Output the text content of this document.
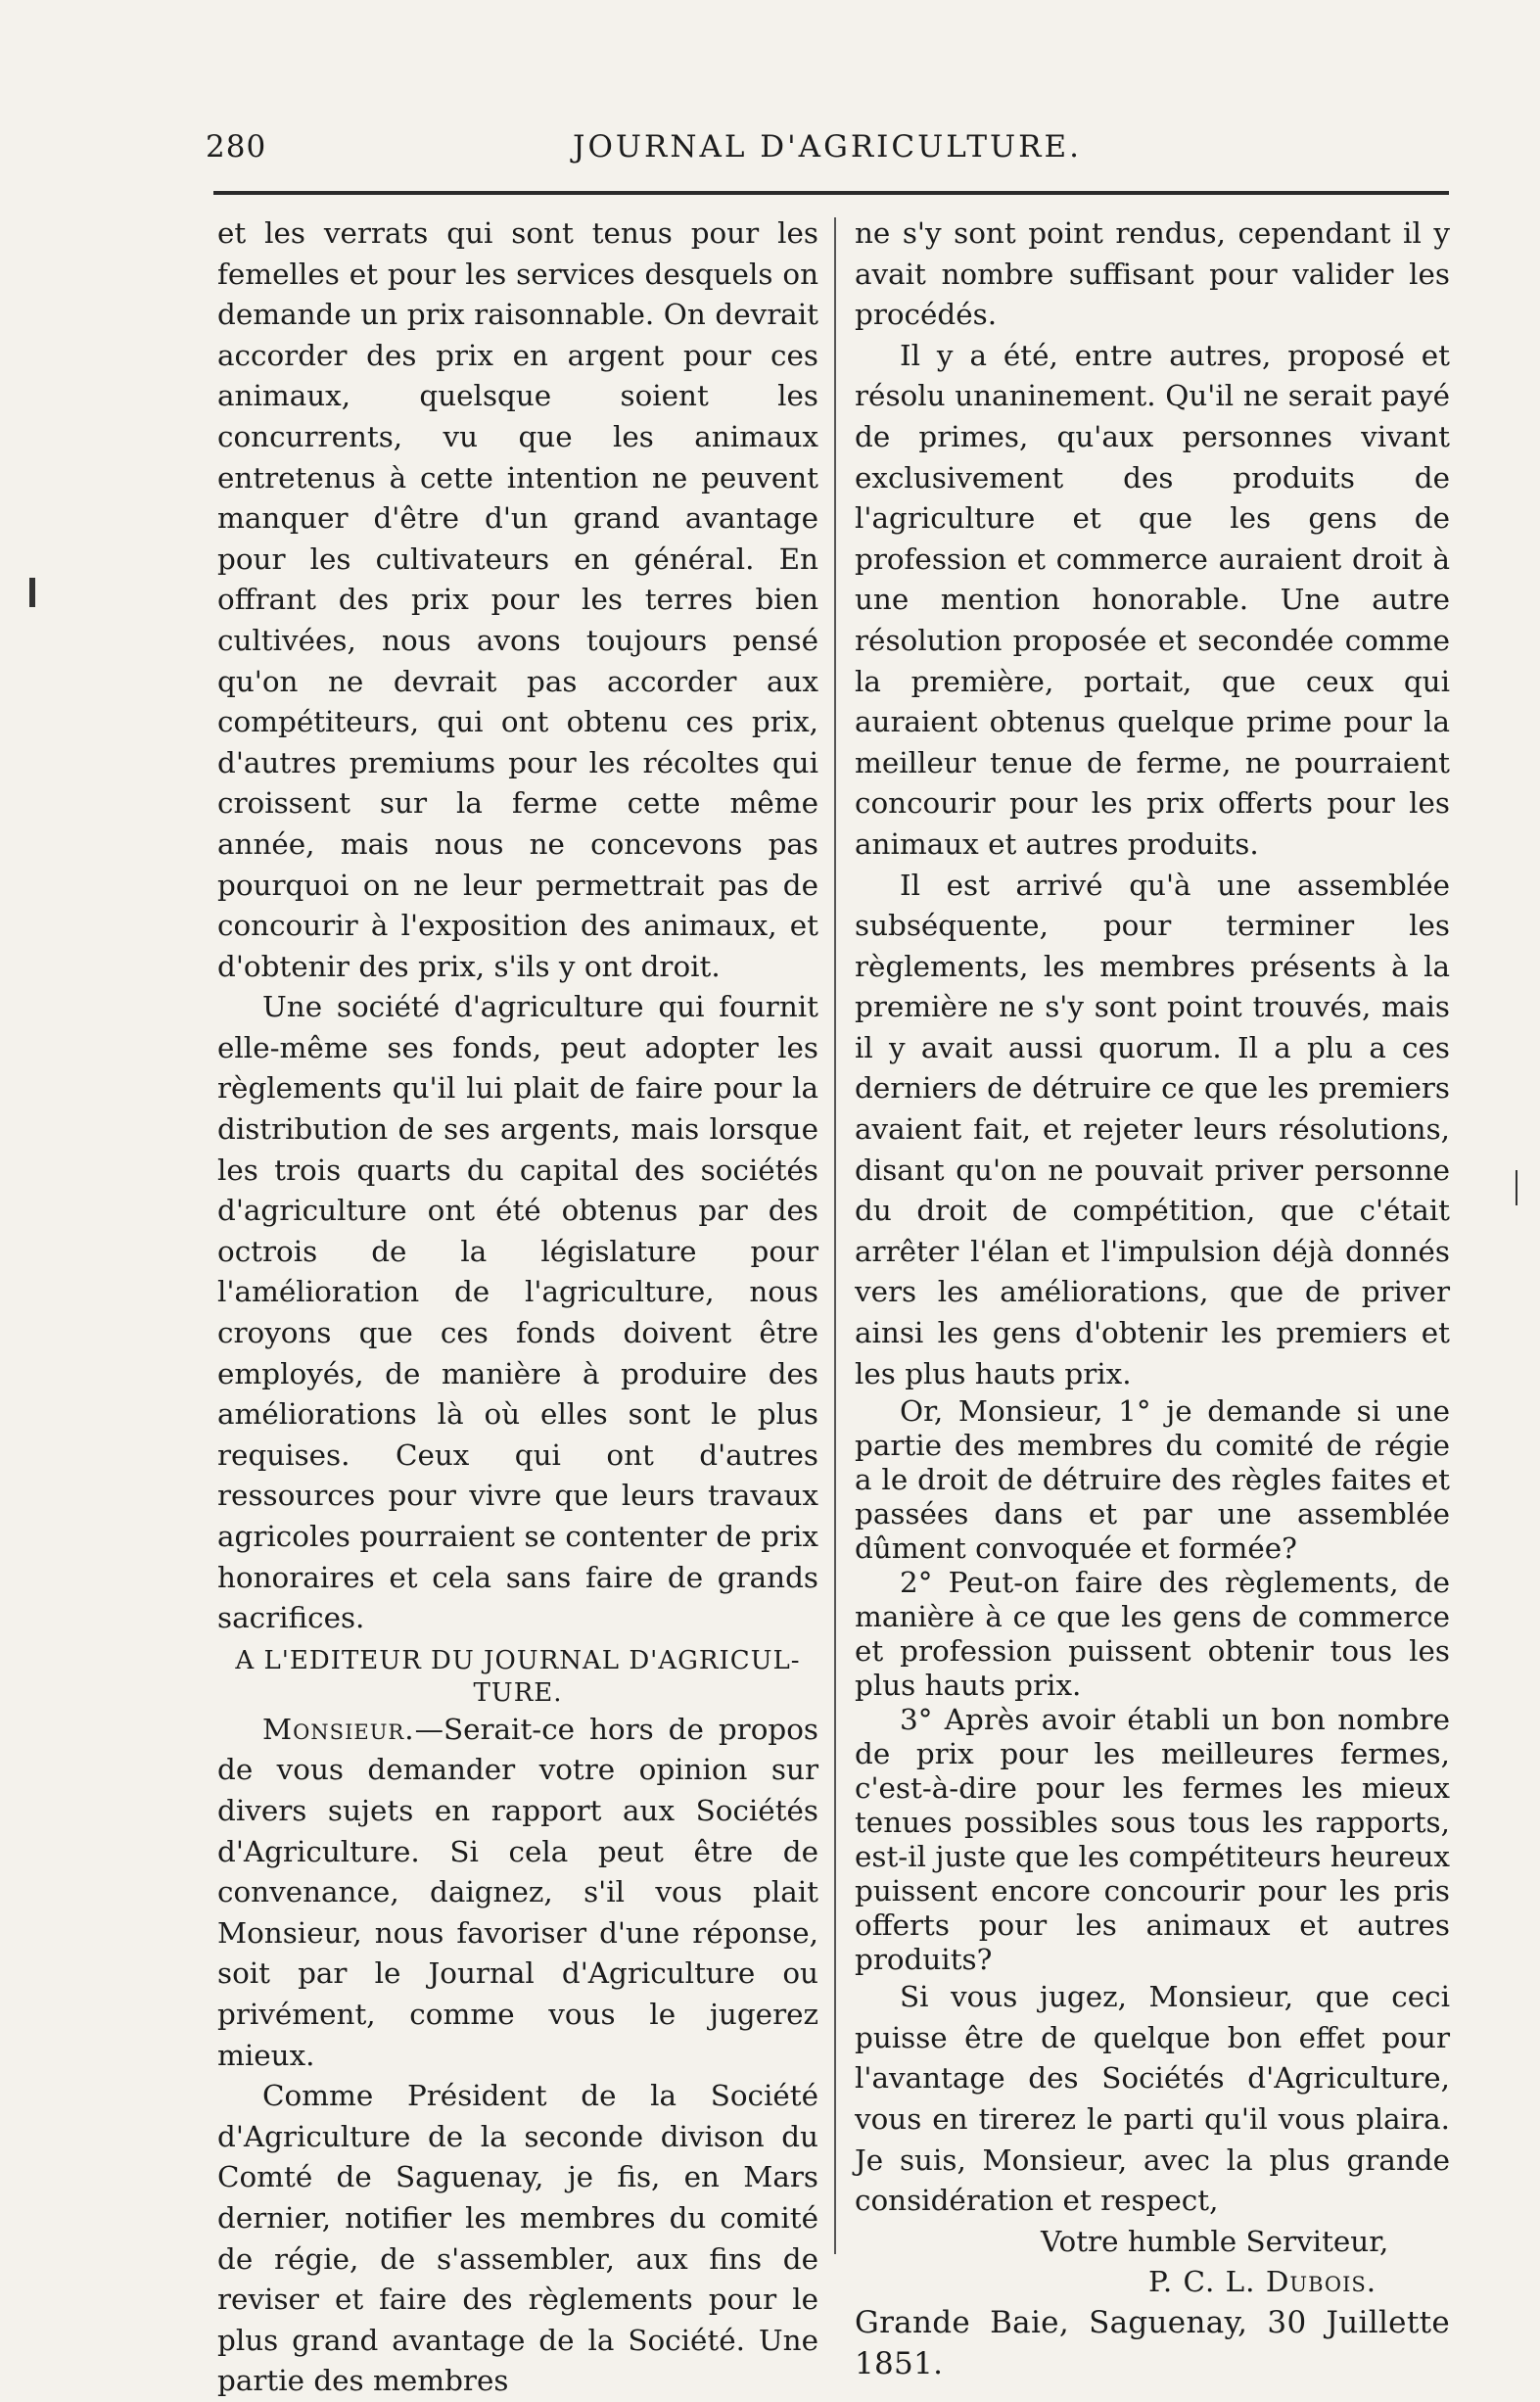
280	JOURNAL D'AGRICULTURE.

et les verrats qui sont tenus pour les femelles et pour les services desquels on demande un prix raisonnable. On devrait accorder des prix en argent pour ces animaux, quelsque soient les concurrents, vu que les animaux entretenus à cette intention ne peuvent manquer d'être d'un grand avantage pour les cultivateurs en général. En offrant des prix pour les terres bien cultivées, nous avons toujours pensé qu'on ne devrait pas accorder aux compétiteurs, qui ont obtenu ces prix, d'autres premiums pour les récoltes qui croissent sur la ferme cette même année, mais nous ne concevons pas pourquoi on ne leur permettrait pas de concourir à l'exposition des animaux, et d'obtenir des prix, s'ils y ont droit.

Une société d'agriculture qui fournit elle-même ses fonds, peut adopter les règlements qu'il lui plait de faire pour la distribution de ses argents, mais lorsque les trois quarts du capital des sociétés d'agriculture ont été obtenus par des octrois de la législature pour l'amélioration de l'agriculture, nous croyons que ces fonds doivent être employés, de manière à produire des améliorations là où elles sont le plus requises. Ceux qui ont d'autres ressources pour vivre que leurs travaux agricoles pourraient se contenter de prix honoraires et cela sans faire de grands sacrifices.

A L'EDITEUR DU JOURNAL D'AGRICUL-
TURE.

Monsieur.—Serait-ce hors de propos de vous demander votre opinion sur divers sujets en rapport aux Sociétés d'Agriculture. Si cela peut être de convenance, daignez, s'il vous plait Monsieur, nous favoriser d'une réponse, soit par le Journal d'Agriculture ou privément, comme vous le jugerez mieux.

Comme Président de la Société d'Agriculture de la seconde divison du Comté de Saguenay, je fis, en Mars dernier, notifier les membres du comité de régie, de s'assembler, aux fins de reviser et faire des règlements pour le plus grand avantage de la Société. Une partie des membres

ne s'y sont point rendus, cependant il y avait nombre suffisant pour valider les procédés.

Il y a été, entre autres, proposé et résolu unaninement. Qu'il ne serait payé de primes, qu'aux personnes vivant exclusivement des produits de l'agriculture et que les gens de profession et commerce auraient droit à une mention honorable. Une autre résolution proposée et secondée comme la première, portait, que ceux qui auraient obtenus quelque prime pour la meilleur tenue de ferme, ne pourraient concourir pour les prix offerts pour les animaux et autres produits.

Il est arrivé qu'à une assemblée subséquente, pour terminer les règlements, les membres présents à la première ne s'y sont point trouvés, mais il y avait aussi quorum. Il a plu a ces derniers de détruire ce que les premiers avaient fait, et rejeter leurs résolutions, disant qu'on ne pouvait priver personne du droit de compétition, que c'était arrêter l'élan et l'impulsion déjà donnés vers les améliorations, que de priver ainsi les gens d'obtenir les premiers et les plus hauts prix.

Or, Monsieur, 1° je demande si une partie des membres du comité de régie a le droit de détruire des règles faites et passées dans et par une assemblée dûment convoquée et formée?

2° Peut-on faire des règlements, de manière à ce que les gens de commerce et profession puissent obtenir tous les plus hauts prix.

3° Après avoir établi un bon nombre de prix pour les meilleures fermes, c'est-à-dire pour les fermes les mieux tenues possibles sous tous les rapports, est-il juste que les compétiteurs heureux puissent encore concourir pour les pris offerts pour les animaux et autres produits?

Si vous jugez, Monsieur, que ceci puisse être de quelque bon effet pour l'avantage des Sociétés d'Agriculture, vous en tirerez le parti qu'il vous plaira. Je suis, Monsieur, avec la plus grande considération et respect,

Votre humble Serviteur,
P. C. L. Dubois.

Grande Baie, Saguenay, 30 Juillette 1851.
